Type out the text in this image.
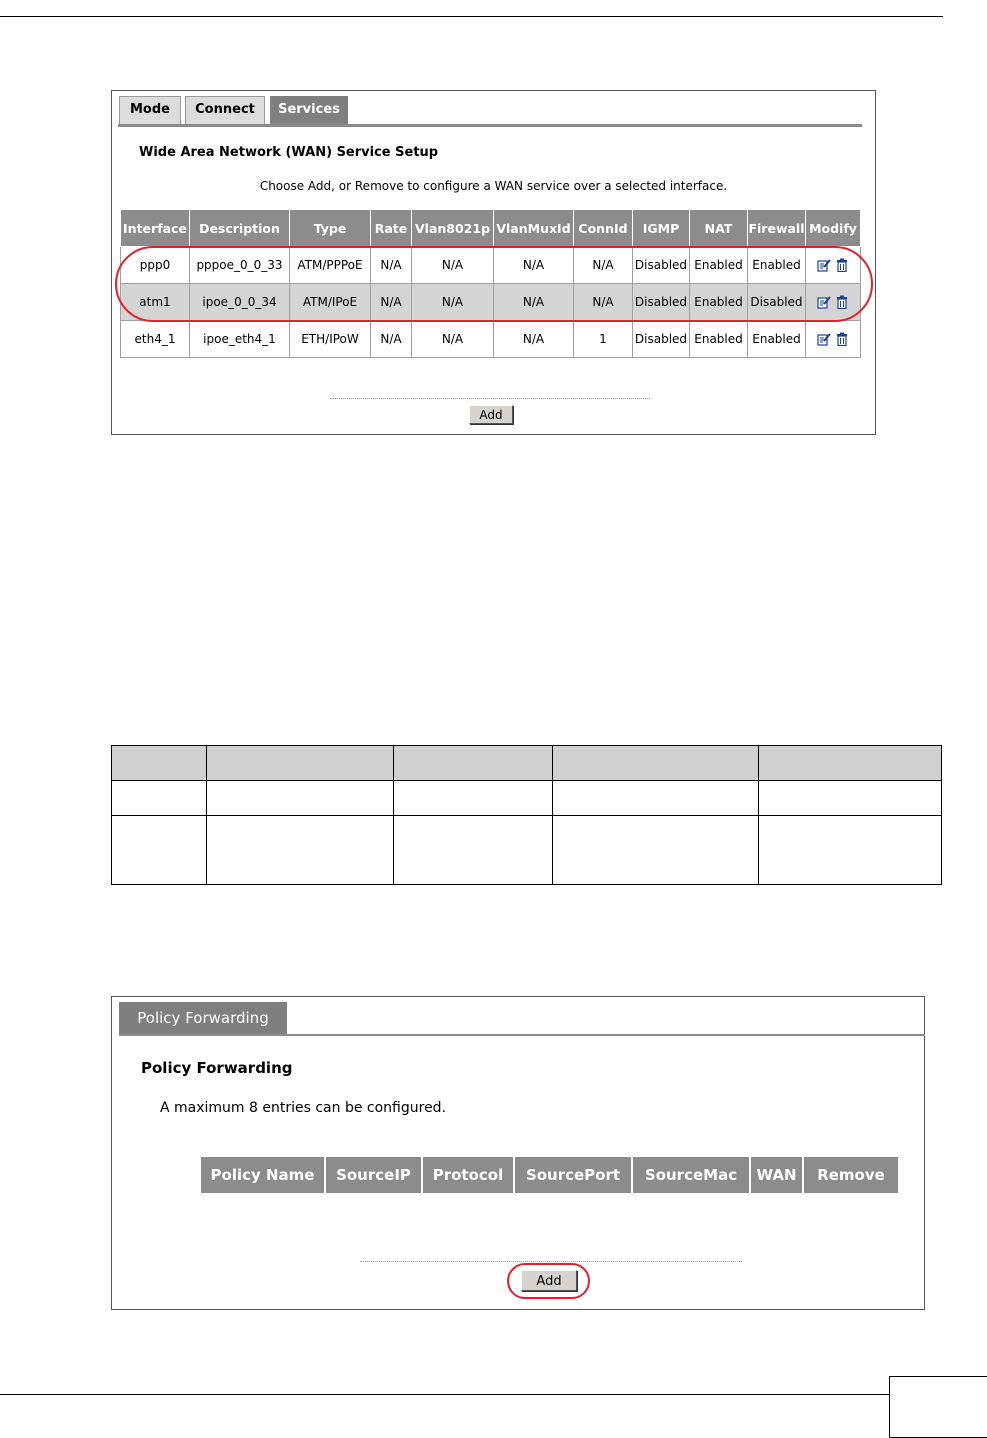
Mode	Connect	Services
Wide Area Network (WAN) Service Setup
Choose Add, or Remove to configure a WAN service over a selected interface.
Interface	Description	Type	Rate	Vlan8021p	VlanMuxId	ConnId	IGMP	NAT	Firewall	Modify
ppp0	pppoe_0_0_33	ATM/PPPoE	N/A	N/A	N/A	N/A	Disabled	Enabled	Enabled	
atm1	ipoe_0_0_34	ATM/IPoE	N/A	N/A	N/A	N/A	Disabled	Enabled	Disabled	
eth4_1	ipoe_eth4_1	ETH/IPoW	N/A	N/A	N/A	1	Disabled	Enabled	Enabled	
Add

Policy Forwarding
Policy Forwarding
A maximum 8 entries can be configured.
Policy Name	SourceIP	Protocol	SourcePort	SourceMac	WAN	Remove
Add
